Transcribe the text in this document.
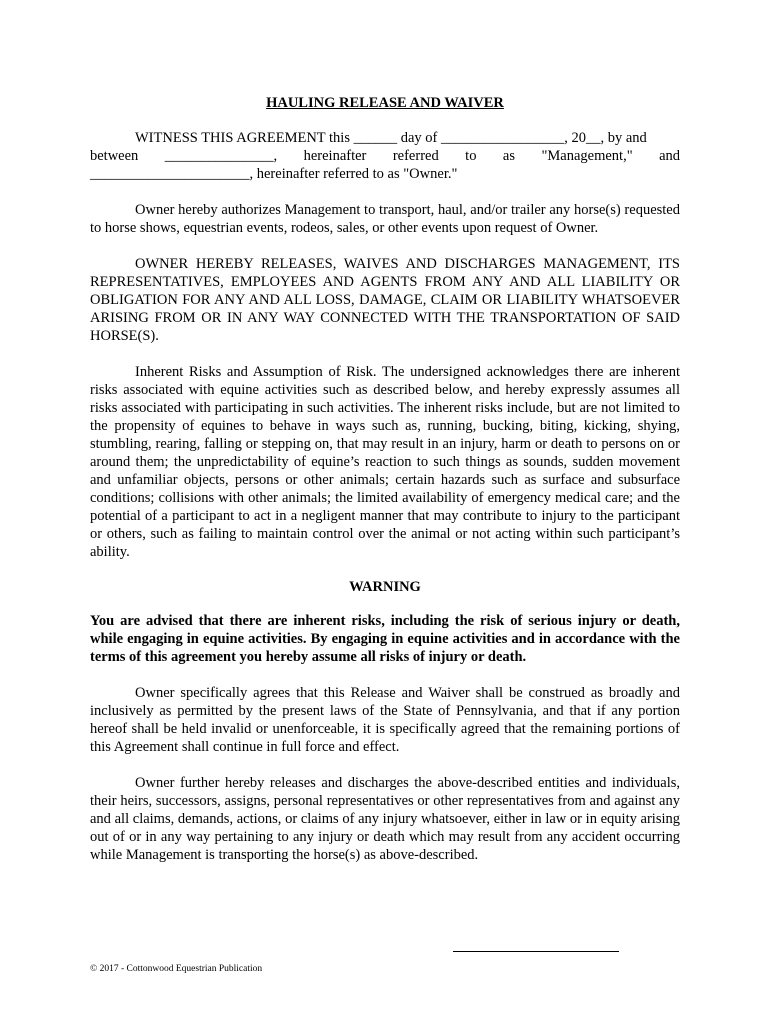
HAULING RELEASE AND WAIVER

WITNESS THIS AGREEMENT this ______ day of _________________, 20__, by and

between _______________, hereinafter referred to as "Management," and

______________________, hereinafter referred to as "Owner."

Owner hereby authorizes Management to transport, haul, and/or trailer any horse(s) requested to horse shows, equestrian events, rodeos, sales, or other events upon request of Owner.

OWNER HEREBY RELEASES, WAIVES AND DISCHARGES MANAGEMENT, ITS REPRESENTATIVES, EMPLOYEES AND AGENTS FROM ANY AND ALL LIABILITY OR OBLIGATION FOR ANY AND ALL LOSS, DAMAGE, CLAIM OR LIABILITY WHATSOEVER ARISING FROM OR IN ANY WAY CONNECTED WITH THE TRANSPORTATION OF SAID HORSE(S).

Inherent Risks and Assumption of Risk. The undersigned acknowledges there are inherent risks associated with equine activities such as described below, and hereby expressly assumes all risks associated with participating in such activities. The inherent risks include, but are not limited to the propensity of equines to behave in ways such as, running, bucking, biting, kicking, shying, stumbling, rearing, falling or stepping on, that may result in an injury, harm or death to persons on or around them; the unpredictability of equine’s reaction to such things as sounds, sudden movement and unfamiliar objects, persons or other animals; certain hazards such as surface and subsurface conditions; collisions with other animals; the limited availability of emergency medical care; and the potential of a participant to act in a negligent manner that may contribute to injury to the participant or others, such as failing to maintain control over the animal or not acting within such participant’s ability.

WARNING

You are advised that there are inherent risks, including the risk of serious injury or death, while engaging in equine activities. By engaging in equine activities and in accordance with the terms of this agreement you hereby assume all risks of injury or death.

Owner specifically agrees that this Release and Waiver shall be construed as broadly and inclusively as permitted by the present laws of the State of Pennsylvania, and that if any portion hereof shall be held invalid or unenforceable, it is specifically agreed that the remaining portions of this Agreement shall continue in full force and effect.

Owner further hereby releases and discharges the above-described entities and individuals, their heirs, successors, assigns, personal representatives or other representatives from and against any and all claims, demands, actions, or claims of any injury whatsoever, either in law or in equity arising out of or in any way pertaining to any injury or death which may result from any accident occurring while Management is transporting the horse(s) as above-described.

© 2017 - Cottonwood Equestrian Publication
